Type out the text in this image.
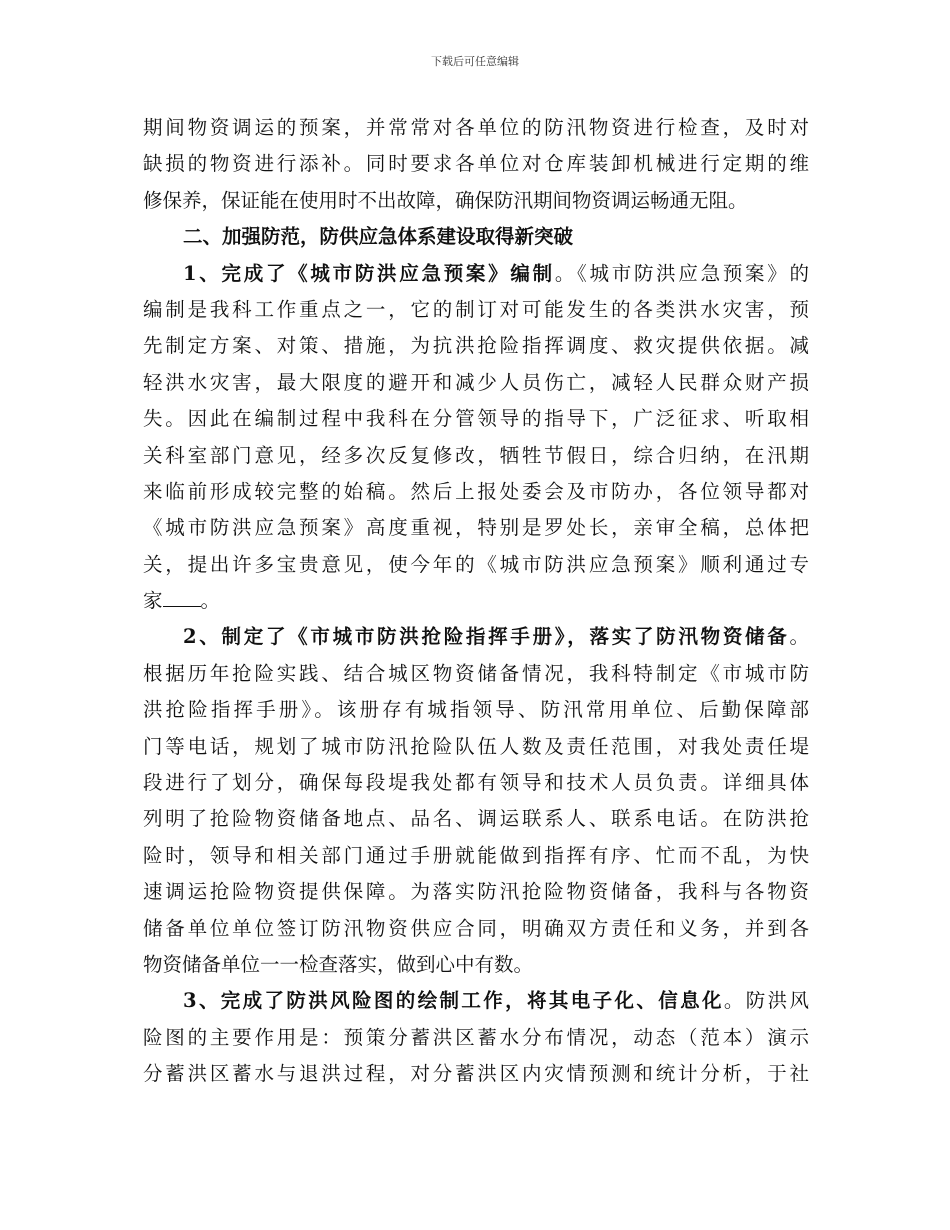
下载后可任意编辑
期间物资调运的预案，并常常对各单位的防汛物资进行检查，及时对
缺损的物资进行添补。同时要求各单位对仓库装卸机械进行定期的维
修保养，保证能在使用时不出故障，确保防汛期间物资调运畅通无阻。
二、加强防范，防供应急体系建设取得新突破
1、完成了《城市防洪应急预案》编制。《城市防洪应急预案》的
编制是我科工作重点之一，它的制订对可能发生的各类洪水灾害，预
先制定方案、对策、措施，为抗洪抢险指挥调度、救灾提供依据。减
轻洪水灾害，最大限度的避开和减少人员伤亡，减轻人民群众财产损
失。因此在编制过程中我科在分管领导的指导下，广泛征求、听取相
关科室部门意见，经多次反复修改，牺牲节假日，综合归纳，在汛期
来临前形成较完整的始稿。然后上报处委会及市防办，各位领导都对
《城市防洪应急预案》高度重视，特别是罗处长，亲审全稿，总体把
关，提出许多宝贵意见，使今年的《城市防洪应急预案》顺利通过专
家 。
2、制定了《市城市防洪抢险指挥手册》，落实了防汛物资储备。
根据历年抢险实践、结合城区物资储备情况，我科特制定《市城市防
洪抢险指挥手册》。该册存有城指领导、防汛常用单位、后勤保障部
门等电话，规划了城市防汛抢险队伍人数及责任范围，对我处责任堤
段进行了划分，确保每段堤我处都有领导和技术人员负责。详细具体
列明了抢险物资储备地点、品名、调运联系人、联系电话。在防洪抢
险时，领导和相关部门通过手册就能做到指挥有序、忙而不乱，为快
速调运抢险物资提供保障。为落实防汛抢险物资储备，我科与各物资
储备单位单位签订防汛物资供应合同，明确双方责任和义务，并到各
物资储备单位一一检查落实，做到心中有数。
3、完成了防洪风险图的绘制工作，将其电子化、信息化。防洪风
险图的主要作用是：预策分蓄洪区蓄水分布情况，动态（范本）演示
分蓄洪区蓄水与退洪过程，对分蓄洪区内灾情预测和统计分析，于社
